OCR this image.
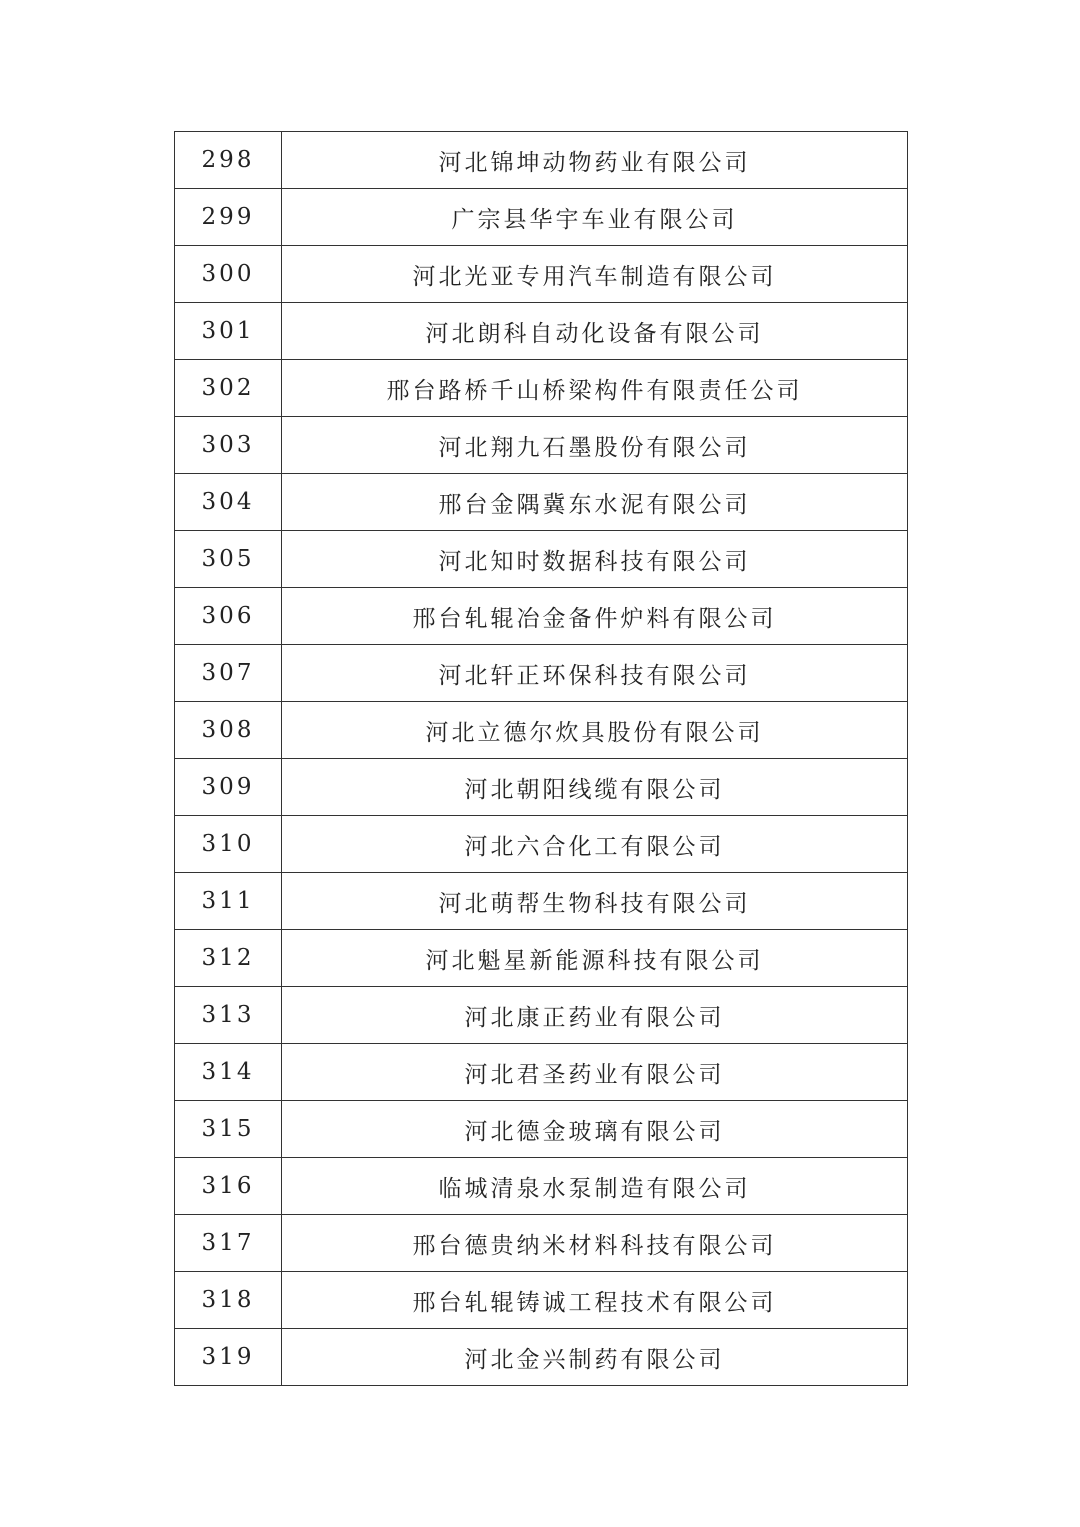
298	河北锦坤动物药业有限公司
299	广宗县华宇车业有限公司
300	河北光亚专用汽车制造有限公司
301	河北朗科自动化设备有限公司
302	邢台路桥千山桥梁构件有限责任公司
303	河北翔九石墨股份有限公司
304	邢台金隅冀东水泥有限公司
305	河北知时数据科技有限公司
306	邢台轧辊冶金备件炉料有限公司
307	河北轩正环保科技有限公司
308	河北立德尔炊具股份有限公司
309	河北朝阳线缆有限公司
310	河北六合化工有限公司
311	河北萌帮生物科技有限公司
312	河北魁星新能源科技有限公司
313	河北康正药业有限公司
314	河北君圣药业有限公司
315	河北德金玻璃有限公司
316	临城清泉水泵制造有限公司
317	邢台德贵纳米材料科技有限公司
318	邢台轧辊铸诚工程技术有限公司
319	河北金兴制药有限公司
